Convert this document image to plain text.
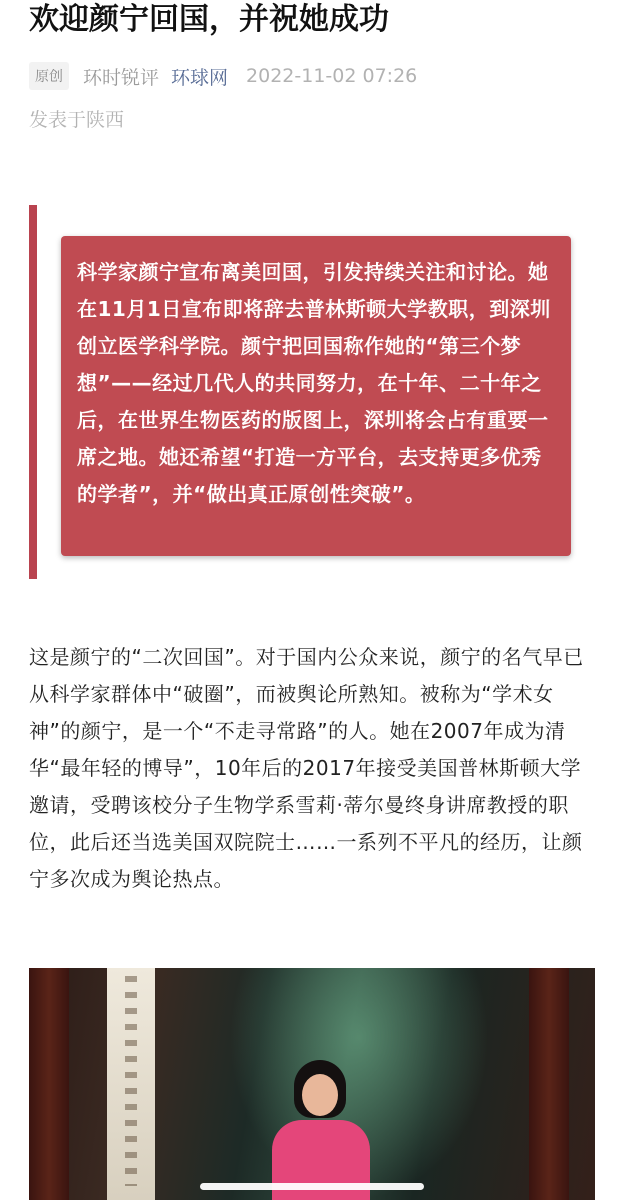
欢迎颜宁回国，并祝她成功
原创	环时锐评 环球网 2022-11-02 07:26
发表于陕西
科学家颜宁宣布离美回国，引发持续关注和讨论。她在11月1日宣布即将辞去普林斯顿大学教职，到深圳创立医学科学院。颜宁把回国称作她的“第三个梦想”——经过几代人的共同努力，在十年、二十年之后，在世界生物医药的版图上，深圳将会占有重要一席之地。她还希望“打造一方平台，去支持更多优秀的学者”，并“做出真正原创性突破”。
这是颜宁的“二次回国”。对于国内公众来说，颜宁的名气早已从科学家群体中“破圈”，而被舆论所熟知。被称为“学术女神”的颜宁，是一个“不走寻常路”的人。她在2007年成为清华“最年轻的博导”，10年后的2017年接受美国普林斯顿大学邀请，受聘该校分子生物学系雪莉·蒂尔曼终身讲席教授的职位，此后还当选美国双院院士……一系列不平凡的经历，让颜宁多次成为舆论热点。
